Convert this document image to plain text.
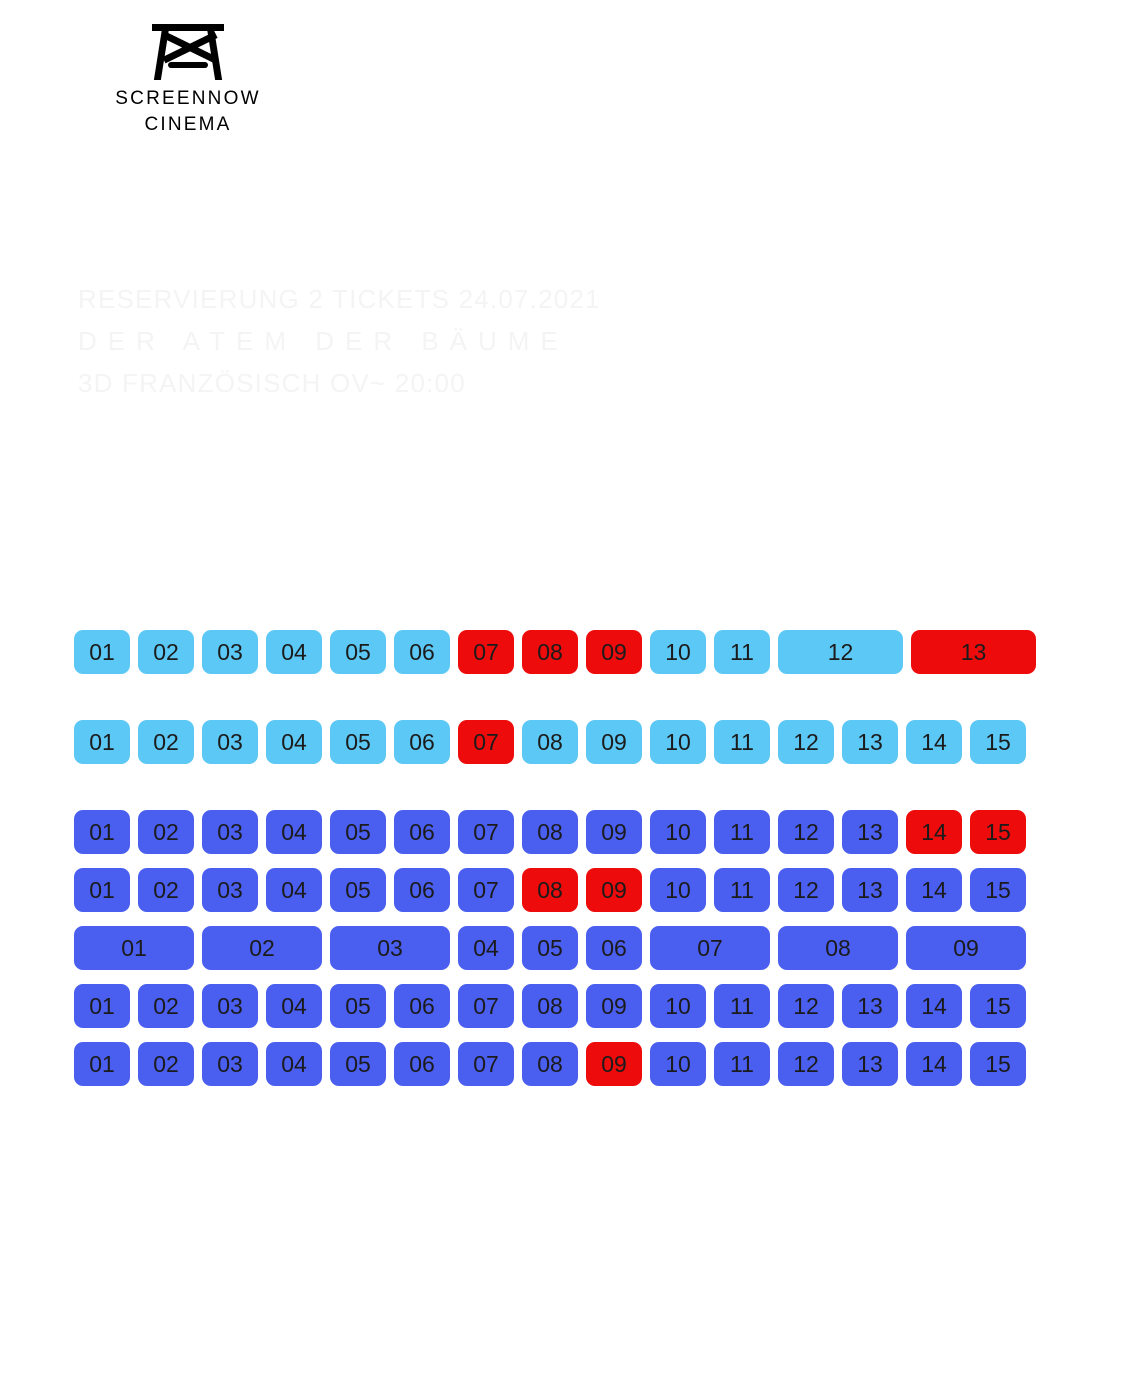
SCREENNOW
CINEMA
RESERVIERUNG 2 TICKETS 24.07.2021
DER ATEM DER BÄUME
3D FRANZÖSISCH OV~ 20:00
01	02	03	04	05	06	07	08	09	10	11	12	13
01	02	03	04	05	06	07	08	09	10	11	12	13	14	15
01	02	03	04	05	06	07	08	09	10	11	12	13	14	15
01	02	03	04	05	06	07	08	09	10	11	12	13	14	15
01	02	03	04	05	06	07	08	09
01	02	03	04	05	06	07	08	09	10	11	12	13	14	15
01	02	03	04	05	06	07	08	09	10	11	12	13	14	15
